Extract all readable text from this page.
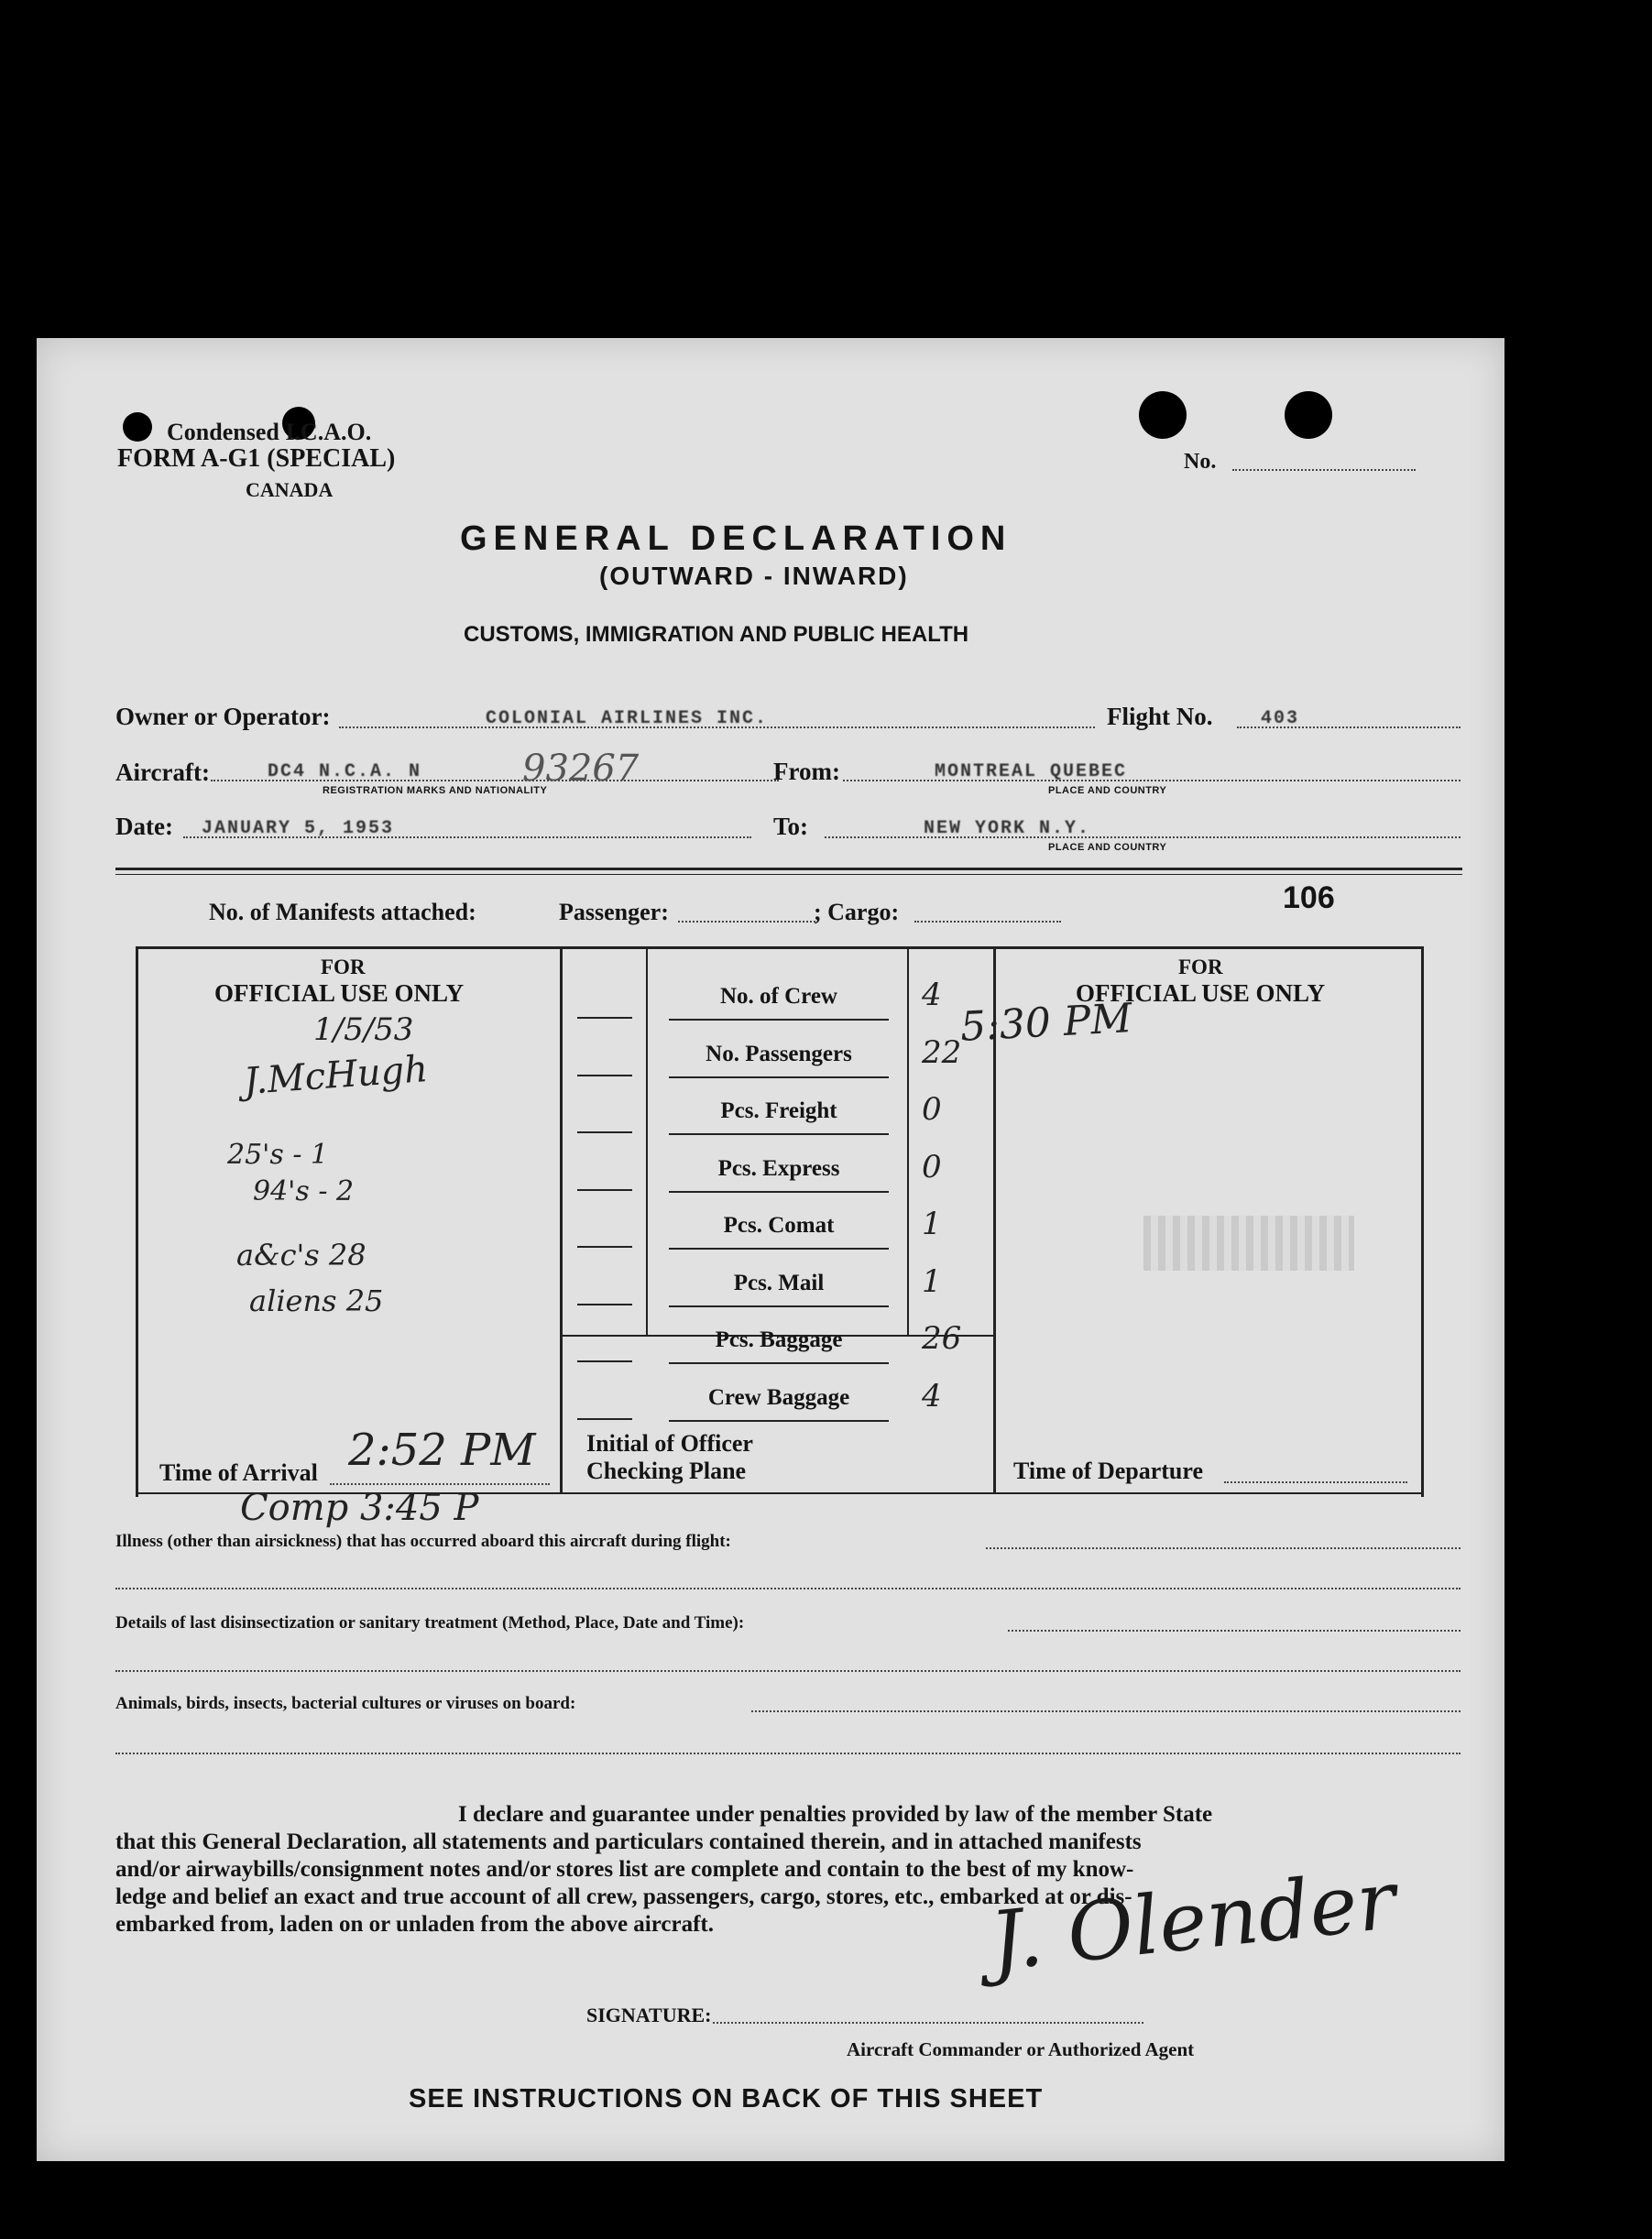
Condensed I.C.A.O.
FORM A-G1 (SPECIAL)
CANADA
No.
GENERAL DECLARATION
(OUTWARD - INWARD)
CUSTOMS, IMMIGRATION AND PUBLIC HEALTH
Owner or Operator:	COLONIAL AIRLINES INC.	Flight No.	403
Aircraft:	DC4 N.C.A. N	93267
REGISTRATION MARKS AND NATIONALITY
From:	MONTREAL QUEBEC
PLACE AND COUNTRY
Date: JANUARY 5, 1953	To:	NEW YORK N.Y.
PLACE AND COUNTRY
No. of Manifests attached:	Passenger:	; Cargo:	106
FOR
OFFICIAL USE ONLY
FOR
OFFICIAL USE ONLY
1/5/53
J.McHugh
25's - 1
94's - 2
a&c's 28
aliens 25
5:30 PM
Time of Arrival 2:52 PM Initial of Officer
Checking Plane	Time of Departure
Comp 3:45 P
Illness (other than airsickness) that has occurred aboard this aircraft during flight:
Details of last disinsectization or sanitary treatment (Method, Place, Date and Time):
Animals, birds, insects, bacterial cultures or viruses on board:
I declare and guarantee under penalties provided by law of the member State
that this General Declaration, all statements and particulars contained therein, and in attached manifests
and/or airwaybills/consignment notes and/or stores list are complete and contain to the best of my know-
ledge and belief an exact and true account of all crew, passengers, cargo, stores, etc., embarked at or dis-
embarked from, laden on or unladen from the above aircraft.
SIGNATURE:
Aircraft Commander or Authorized Agent
J. Olender
SEE INSTRUCTIONS ON BACK OF THIS SHEET
No. of Crew	4
No. Passengers	22
Pcs. Freight	0
Pcs. Express	0
Pcs. Comat	1
Pcs. Mail	1
Pcs. Baggage	26
Crew Baggage	4
